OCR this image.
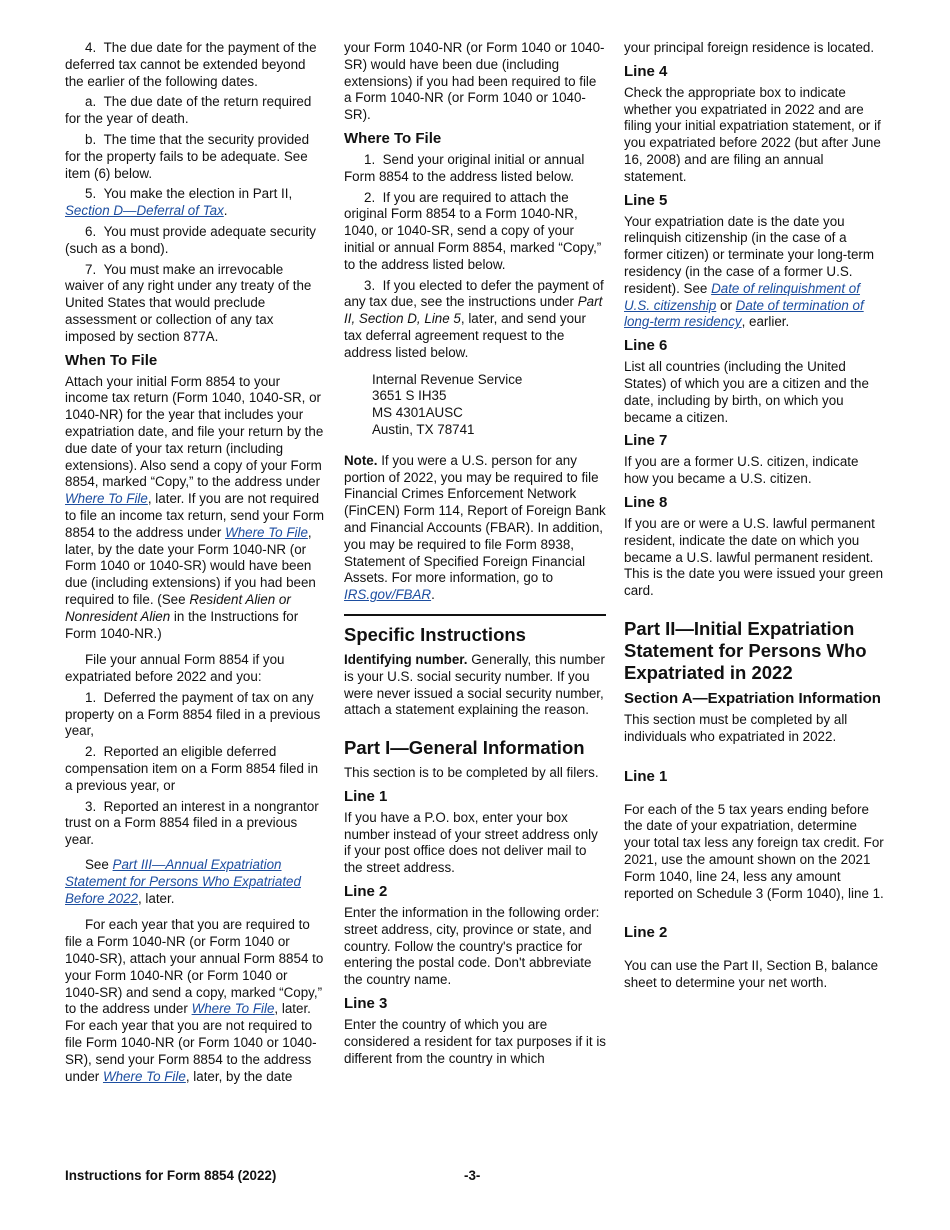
4.  The due date for the payment of the deferred tax cannot be extended beyond the earlier of the following dates.

a.  The due date of the return required for the year of death.

b.  The time that the security provided for the property fails to be adequate. See item (6) below.

5.  You make the election in Part II, Section D—Deferral of Tax.

6.  You must provide adequate security (such as a bond).

7.  You must make an irrevocable waiver of any right under any treaty of the United States that would preclude assessment or collection of any tax imposed by section 877A.

When To File

Attach your initial Form 8854 to your income tax return (Form 1040, 1040-SR, or 1040-NR) for the year that includes your expatriation date, and file your return by the due date of your tax return (including extensions). Also send a copy of your Form 8854, marked “Copy,” to the address under Where To File, later. If you are not required to file an income tax return, send your Form 8854 to the address under Where To File, later, by the date your Form 1040-NR (or Form 1040 or 1040-SR) would have been due (including extensions) if you had been required to file. (See Resident Alien or Nonresident Alien in the Instructions for Form 1040-NR.)

File your annual Form 8854 if you expatriated before 2022 and you:

1.  Deferred the payment of tax on any property on a Form 8854 filed in a previous year,

2.  Reported an eligible deferred compensation item on a Form 8854 filed in a previous year, or

3.  Reported an interest in a nongrantor trust on a Form 8854 filed in a previous year.

See Part III—Annual Expatriation Statement for Persons Who Expatriated Before 2022, later.

For each year that you are required to file a Form 1040-NR (or Form 1040 or 1040-SR), attach your annual Form 8854 to your Form 1040-NR (or Form 1040 or 1040-SR) and send a copy, marked “Copy,” to the address under Where To File, later. For each year that you are not required to file Form 1040-NR (or Form 1040 or 1040-SR), send your Form 8854 to the address under Where To File, later, by the date

your Form 1040-NR (or Form 1040 or 1040-SR) would have been due (including extensions) if you had been required to file a Form 1040-NR (or Form 1040 or 1040-SR).

Where To File

1.  Send your original initial or annual Form 8854 to the address listed below.

2.  If you are required to attach the original Form 8854 to a Form 1040-NR, 1040, or 1040-SR, send a copy of your initial or annual Form 8854, marked “Copy,” to the address listed below.

3.  If you elected to defer the payment of any tax due, see the instructions under Part II, Section D, Line 5, later, and send your tax deferral agreement request to the address listed below.

Internal Revenue Service
3651 S IH35
MS 4301AUSC
Austin, TX 78741

Note. If you were a U.S. person for any portion of 2022, you may be required to file Financial Crimes Enforcement Network (FinCEN) Form 114, Report of Foreign Bank and Financial Accounts (FBAR). In addition, you may be required to file Form 8938, Statement of Specified Foreign Financial Assets. For more information, go to IRS.gov/FBAR.

Specific Instructions

Identifying number. Generally, this number is your U.S. social security number. If you were never issued a social security number, attach a statement explaining the reason.

Part I—General Information

This section is to be completed by all filers.

Line 1

If you have a P.O. box, enter your box number instead of your street address only if your post office does not deliver mail to the street address.

Line 2

Enter the information in the following order: street address, city, province or state, and country. Follow the country's practice for entering the postal code. Don't abbreviate the country name.

Line 3

Enter the country of which you are considered a resident for tax purposes if it is different from the country in which

your principal foreign residence is located.

Line 4

Check the appropriate box to indicate whether you expatriated in 2022 and are filing your initial expatriation statement, or if you expatriated before 2022 (but after June 16, 2008) and are filing an annual statement.

Line 5

Your expatriation date is the date you relinquish citizenship (in the case of a former citizen) or terminate your long-term residency (in the case of a former U.S. resident). See Date of relinquishment of U.S. citizenship or Date of termination of long-term residency, earlier.

Line 6

List all countries (including the United States) of which you are a citizen and the date, including by birth, on which you became a citizen.

Line 7

If you are a former U.S. citizen, indicate how you became a U.S. citizen.

Line 8

If you are or were a U.S. lawful permanent resident, indicate the date on which you became a U.S. lawful permanent resident. This is the date you were issued your green card.

Part II—Initial Expatriation Statement for Persons Who Expatriated in 2022
Section A—Expatriation Information

This section must be completed by all individuals who expatriated in 2022.

Line 1

For each of the 5 tax years ending before the date of your expatriation, determine your total tax less any foreign tax credit. For 2021, use the amount shown on the 2021 Form 1040, line 24, less any amount reported on Schedule 3 (Form 1040), line 1.

Line 2

You can use the Part II, Section B, balance sheet to determine your net worth.

Instructions for Form 8854 (2022)	-3-
